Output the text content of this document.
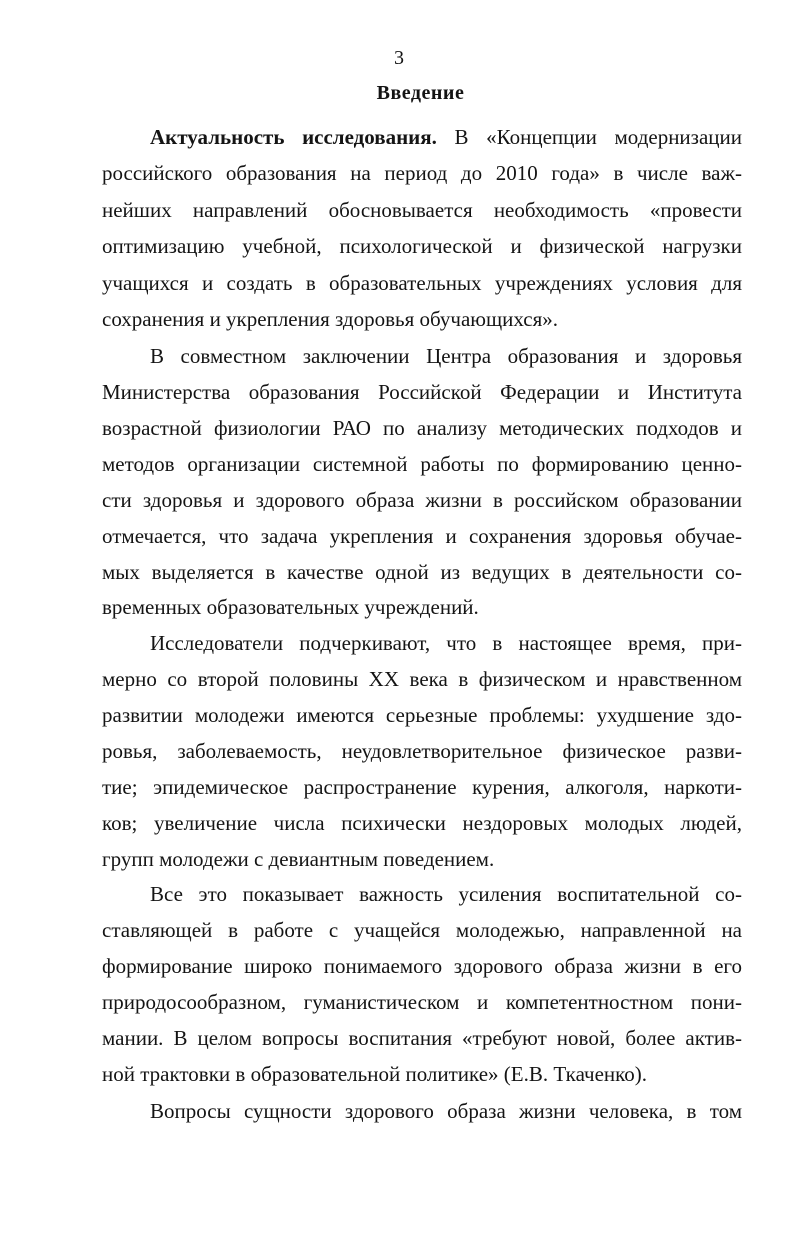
3
Введение
Актуальность исследования. В «Концепции модернизации
российского образования на период до 2010 года» в числе важ-
нейших направлений обосновывается необходимость «провести
оптимизацию учебной, психологической и физической нагрузки
учащихся и создать в образовательных учреждениях условия для
сохранения и укрепления здоровья обучающихся».
В совместном заключении Центра образования и здоровья
Министерства образования Российской Федерации и Института
возрастной физиологии РАО по анализу методических подходов и
методов организации системной работы по формированию ценно-
сти здоровья и здорового образа жизни в российском образовании
отмечается, что задача укрепления и сохранения здоровья обучае-
мых выделяется в качестве одной из ведущих в деятельности со-
временных образовательных учреждений.
Исследователи подчеркивают, что в настоящее время, при-
мерно со второй половины XX века в физическом и нравственном
развитии молодежи имеются серьезные проблемы: ухудшение здо-
ровья, заболеваемость, неудовлетворительное физическое разви-
тие; эпидемическое распространение курения, алкоголя, наркоти-
ков; увеличение числа психически нездоровых молодых людей,
групп молодежи с девиантным поведением.
Все это показывает важность усиления воспитательной со-
ставляющей в работе с учащейся молодежью, направленной на
формирование широко понимаемого здорового образа жизни в его
природосообразном, гуманистическом и компетентностном пони-
мании. В целом вопросы воспитания «требуют новой, более актив-
ной трактовки в образовательной политике» (Е.В. Ткаченко).
Вопросы сущности здорового образа жизни человека, в том
